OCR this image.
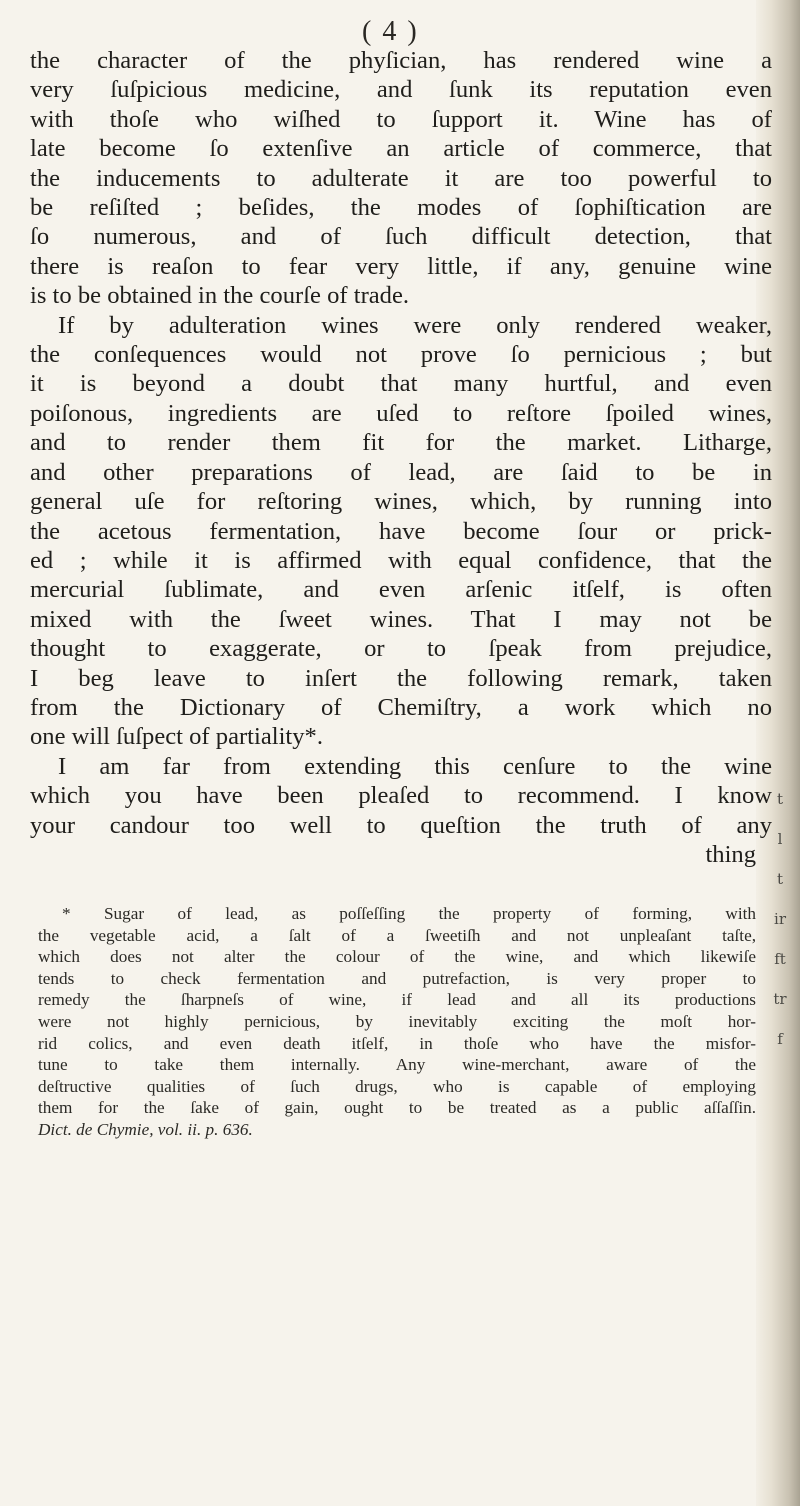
t
l
t
ir
ft
tr
f
( 4 )

the character of the phyſician, has rendered wine a
very ſuſpicious medicine, and ſunk its reputation even
with thoſe who wiſhed to ſupport it. Wine has of
late become ſo extenſive an article of commerce, that
the inducements to adulterate it are too powerful to
be reſiſted ; beſides, the modes of ſophiſtication are
ſo numerous, and of ſuch difficult detection, that
there is reaſon to fear very little, if any, genuine wine
is to be obtained in the courſe of trade.

If by adulteration wines were only rendered weaker,
the conſequences would not prove ſo pernicious ; but
it is beyond a doubt that many hurtful, and even
poiſonous, ingredients are uſed to reſtore ſpoiled wines,
and to render them fit for the market. Litharge,
and other preparations of lead, are ſaid to be in
general uſe for reſtoring wines, which, by running into
the acetous fermentation, have become ſour or prick-
ed ; while it is affirmed with equal confidence, that the
mercurial ſublimate, and even arſenic itſelf, is often
mixed with the ſweet wines. That I may not be
thought to exaggerate, or to ſpeak from prejudice,
I beg leave to inſert the following remark, taken
from the Dictionary of Chemiſtry, a work which no
one will ſuſpect of partiality*.

I am far from extending this cenſure to the wine
which you have been pleaſed to recommend. I know
your candour too well to queſtion the truth of any
thing

* Sugar of lead, as poſſeſſing the property of forming, with
the vegetable acid, a ſalt of a ſweetiſh and not unpleaſant taſte,
which does not alter the colour of the wine, and which likewiſe
tends to check fermentation and putrefaction, is very proper to
remedy the ſharpneſs of wine, if lead and all its productions
were not highly pernicious, by inevitably exciting the moſt hor-
rid colics, and even death itſelf, in thoſe who have the misfor-
tune to take them internally. Any wine-merchant, aware of the
deſtructive qualities of ſuch drugs, who is capable of employing
them for the ſake of gain, ought to be treated as a public aſſaſſin.
Dict. de Chymie, vol. ii. p. 636.
